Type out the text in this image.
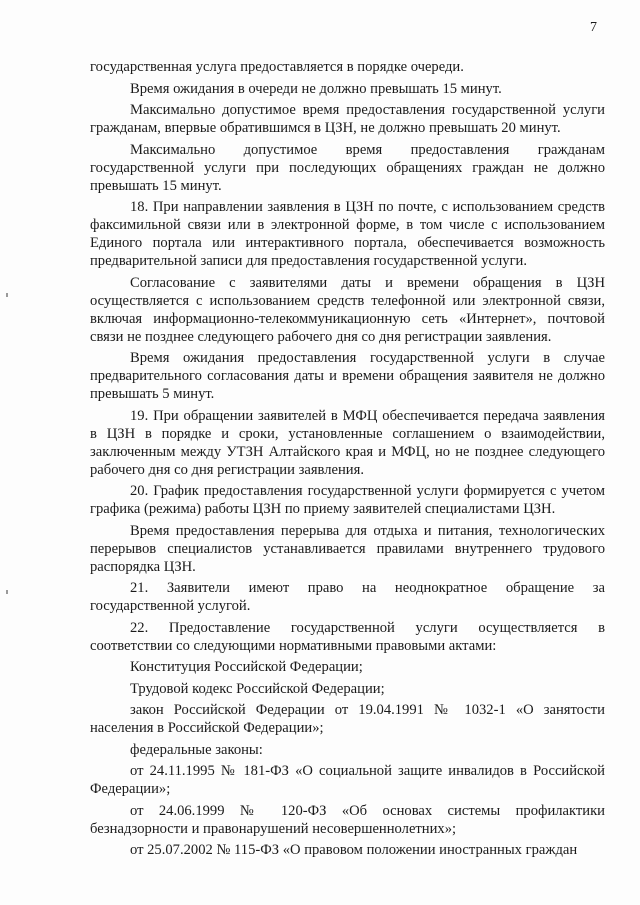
7

государственная услуга предоставляется в порядке очереди.

Время ожидания в очереди не должно превышать 15 минут.

Максимально допустимое время предоставления государственной услуги гражданам, впервые обратившимся в ЦЗН, не должно превышать 20 минут.

Максимально допустимое время предоставления гражданам государственной услуги при последующих обращениях граждан не должно превышать 15 минут.

18. При направлении заявления в ЦЗН по почте, с использованием средств факсимильной связи или в электронной форме, в том числе с использованием Единого портала или интерактивного портала, обеспечивается возможность предварительной записи для предоставления государственной услуги.

Согласование с заявителями даты и времени обращения в ЦЗН осуществляется с использованием средств телефонной или электронной связи, включая информационно-телекоммуникационную сеть «Интернет», почтовой связи не позднее следующего рабочего дня со дня регистрации заявления.

Время ожидания предоставления государственной услуги в случае предварительного согласования даты и времени обращения заявителя не должно превышать 5 минут.

19. При обращении заявителей в МФЦ обеспечивается передача заявления в ЦЗН в порядке и сроки, установленные соглашением о взаимодействии, заключенным между УТЗН Алтайского края и МФЦ, но не позднее следующего рабочего дня со дня регистрации заявления.

20. График предоставления государственной услуги формируется с учетом графика (режима) работы ЦЗН по приему заявителей специалистами ЦЗН.

Время предоставления перерыва для отдыха и питания, технологических перерывов специалистов устанавливается правилами внутреннего трудового распорядка ЦЗН.

21. Заявители имеют право на неоднократное обращение за государственной услугой.

22. Предоставление государственной услуги осуществляется в соответствии со следующими нормативными правовыми актами:

Конституция Российской Федерации;

Трудовой кодекс Российской Федерации;

закон Российской Федерации от 19.04.1991 № 1032-1 «О занятости населения в Российской Федерации»;

федеральные законы:

от 24.11.1995 № 181-ФЗ «О социальной защите инвалидов в Российской Федерации»;

от 24.06.1999 № 120-ФЗ «Об основах системы профилактики безнадзорности и правонарушений несовершеннолетних»;

от 25.07.2002 № 115-ФЗ «О правовом положении иностранных граждан
